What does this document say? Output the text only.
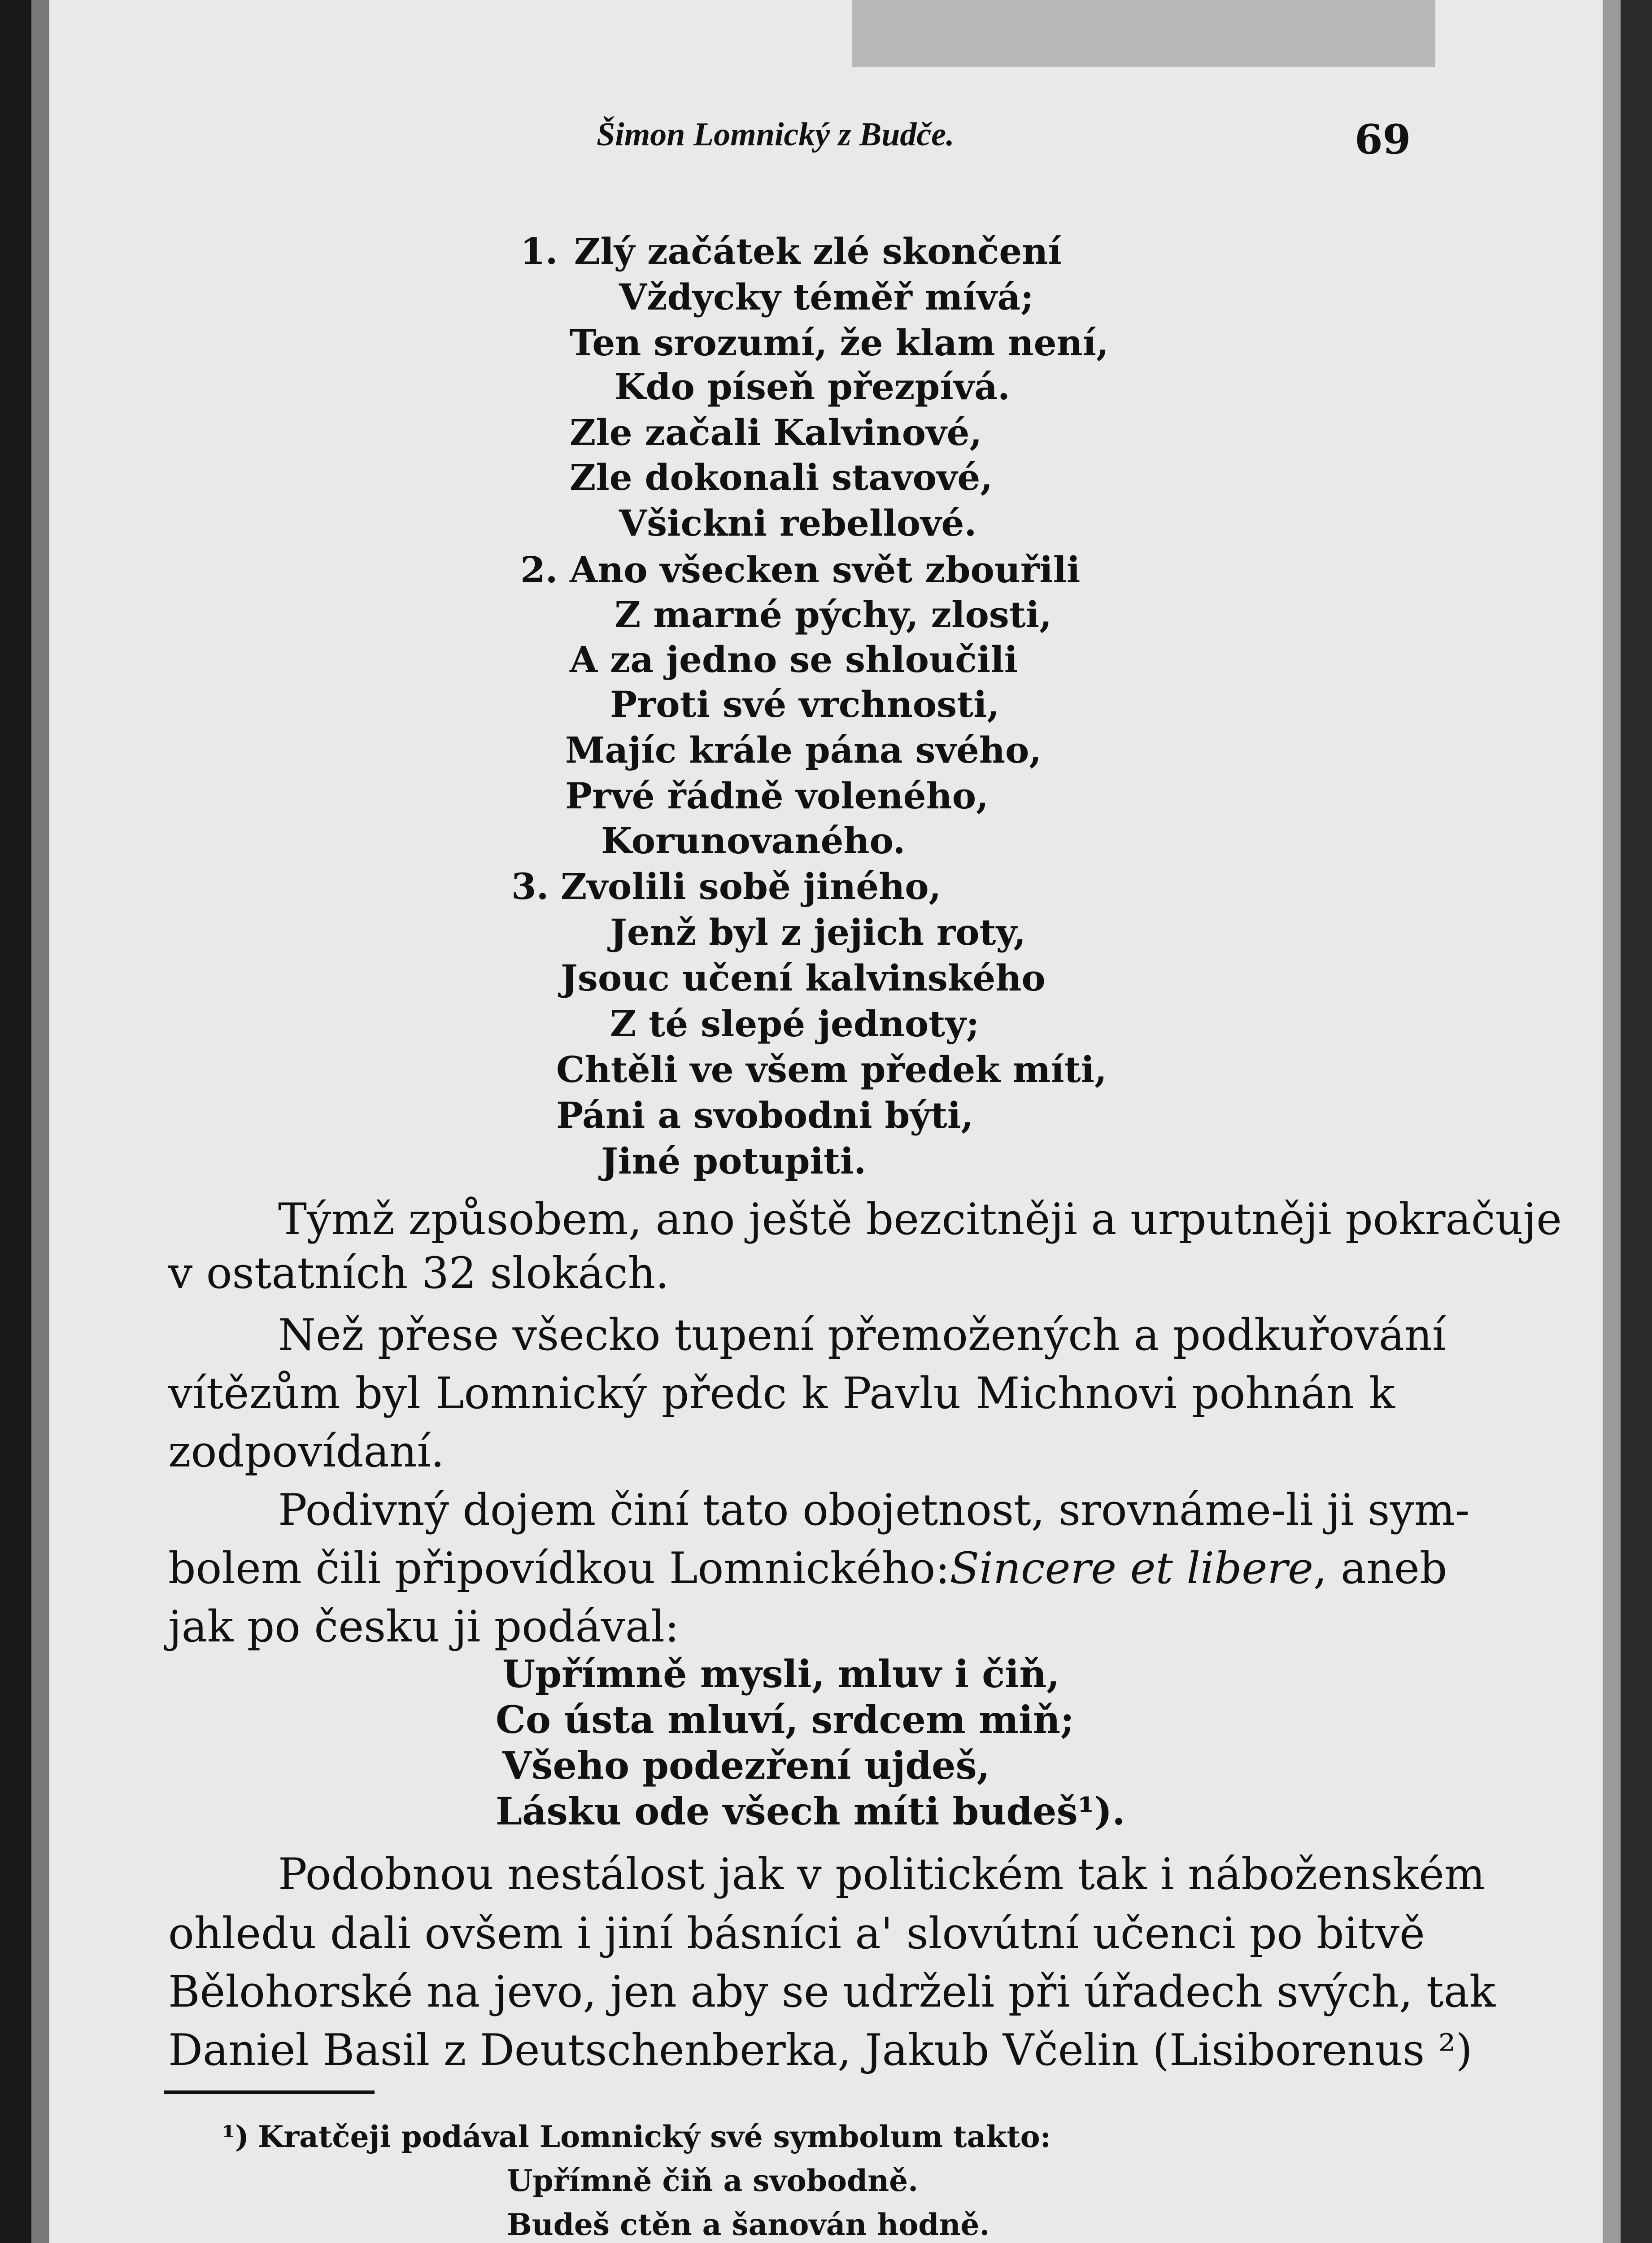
Šimon Lomnický z Budče.	69
1. Zlý začátek zlé skončení
Vždycky téměř mívá;
Ten srozumí, že klam není,
Kdo píseň přezpívá.
Zle začali Kalvinové,
Zle dokonali stavové,
Všickni rebellové.
2. Ano všecken svět zbouřili
Z marné pýchy, zlosti,
A za jedno se shloučili
Proti své vrchnosti,
Majíc krále pána svého,
Prvé řádně voleného,
Korunovaného.
3. Zvolili sobě jiného,
Jenž byl z jejich roty,
Jsouc učení kalvinského
Z té slepé jednoty;
Chtěli ve všem předek míti,
Páni a svobodni býti,
Jiné potupiti.
Týmž způsobem, ano ještě bezcitněji a urputněji pokračuje
v ostatních 32 slokách.
Než přese všecko tupení přemožených a podkuřování
vítězům byl Lomnický předc k Pavlu Michnovi pohnán k
zodpovídaní.
Podivný dojem činí tato obojetnost, srovnáme-li ji sym-
bolem čili připovídkou Lomnického: Sincere et libere, aneb
jak po česku ji podával:
Upřímně mysli, mluv i čiň,
Co ústa mluví, srdcem miň;
Všeho podezření ujdeš,
Lásku ode všech míti budeš¹).
Podobnou nestálost jak v politickém tak i náboženském
ohledu dali ovšem i jiní básníci a' slovútní učenci po bitvě
Bělohorské na jevo, jen aby se udrželi při úřadech svých, tak
Daniel Basil z Deutschenberka, Jakub Včelin (Lisiborenus ²)
¹) Kratčeji podával Lomnický své symbolum takto:
Upřímně čiň a svobodně.
Budeš ctěn a šanován hodně.
